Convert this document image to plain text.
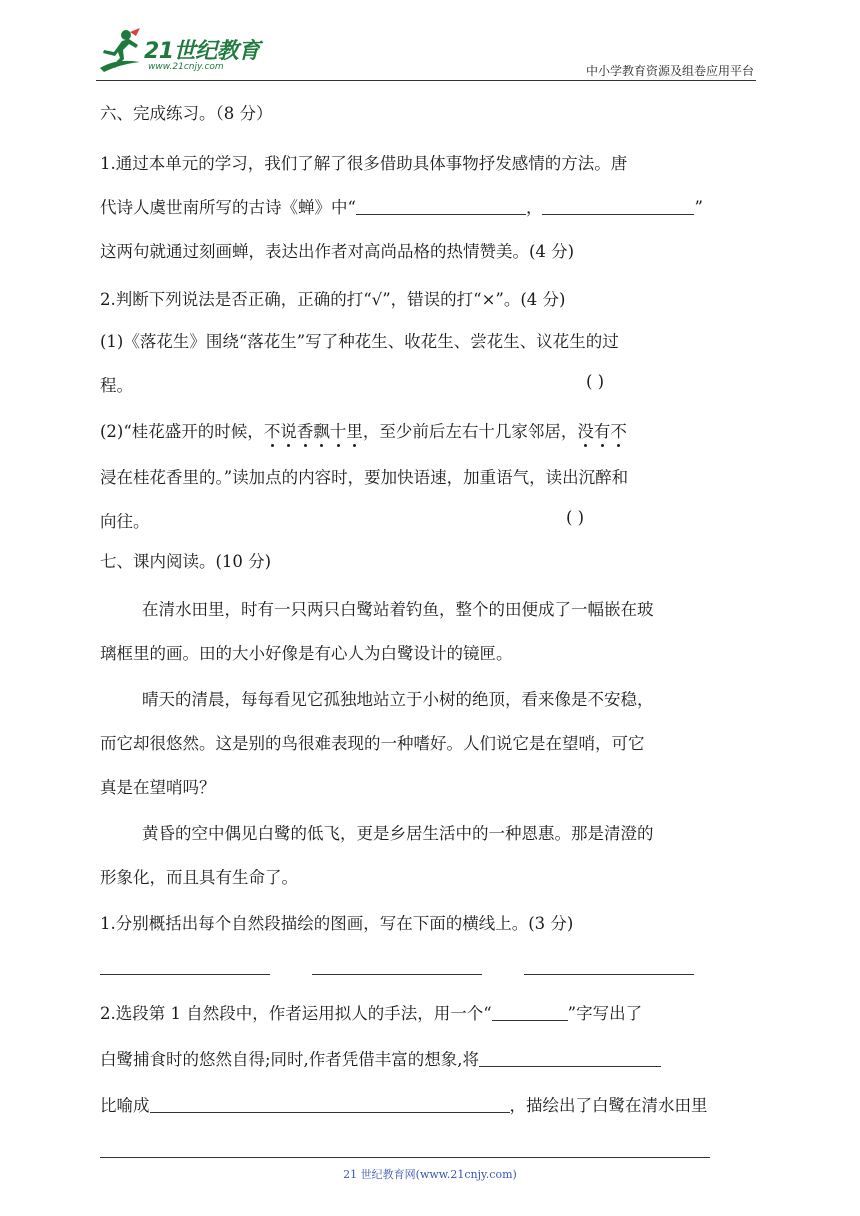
21世纪教育
www.21cnjy.com	中小学教育资源及组卷应用平台
六、完成练习。（8 分）
1.通过本单元的学习，我们了解了很多借助具体事物抒发感情的方法。唐
代诗人虞世南所写的古诗《蝉》中“	，	”
这两句就通过刻画蝉，表达出作者对高尚品格的热情赞美。(4 分)
2.判断下列说法是否正确，正确的打“√”，错误的打“×”。(4 分)
(1)《落花生》围绕“落花生”写了种花生、收花生、尝花生、议花生的过
程。	( )
(2)“桂花盛开的时候，不说香飘十里，至少前后左右十几家邻居，没有不
浸在桂花香里的。”读加点的内容时，要加快语速，加重语气，读出沉醉和
向往。	( )
七、课内阅读。(10 分)
在清水田里，时有一只两只白鹭站着钓鱼，整个的田便成了一幅嵌在玻
璃框里的画。田的大小好像是有心人为白鹭设计的镜匣。
晴天的清晨，每每看见它孤独地站立于小树的绝顶，看来像是不安稳，
而它却很悠然。这是别的鸟很难表现的一种嗜好。人们说它是在望哨，可它
真是在望哨吗？
黄昏的空中偶见白鹭的低飞，更是乡居生活中的一种恩惠。那是清澄的
形象化，而且具有生命了。
1.分别概括出每个自然段描绘的图画，写在下面的横线上。(3 分)
2.选段第 1 自然段中，作者运用拟人的手法，用一个“	”字写出了
白鹭捕食时的悠然自得;同时,作者凭借丰富的想象,将
比喻成	，描绘出了白鹭在清水田里
21 世纪教育网(www.21cnjy.com)
